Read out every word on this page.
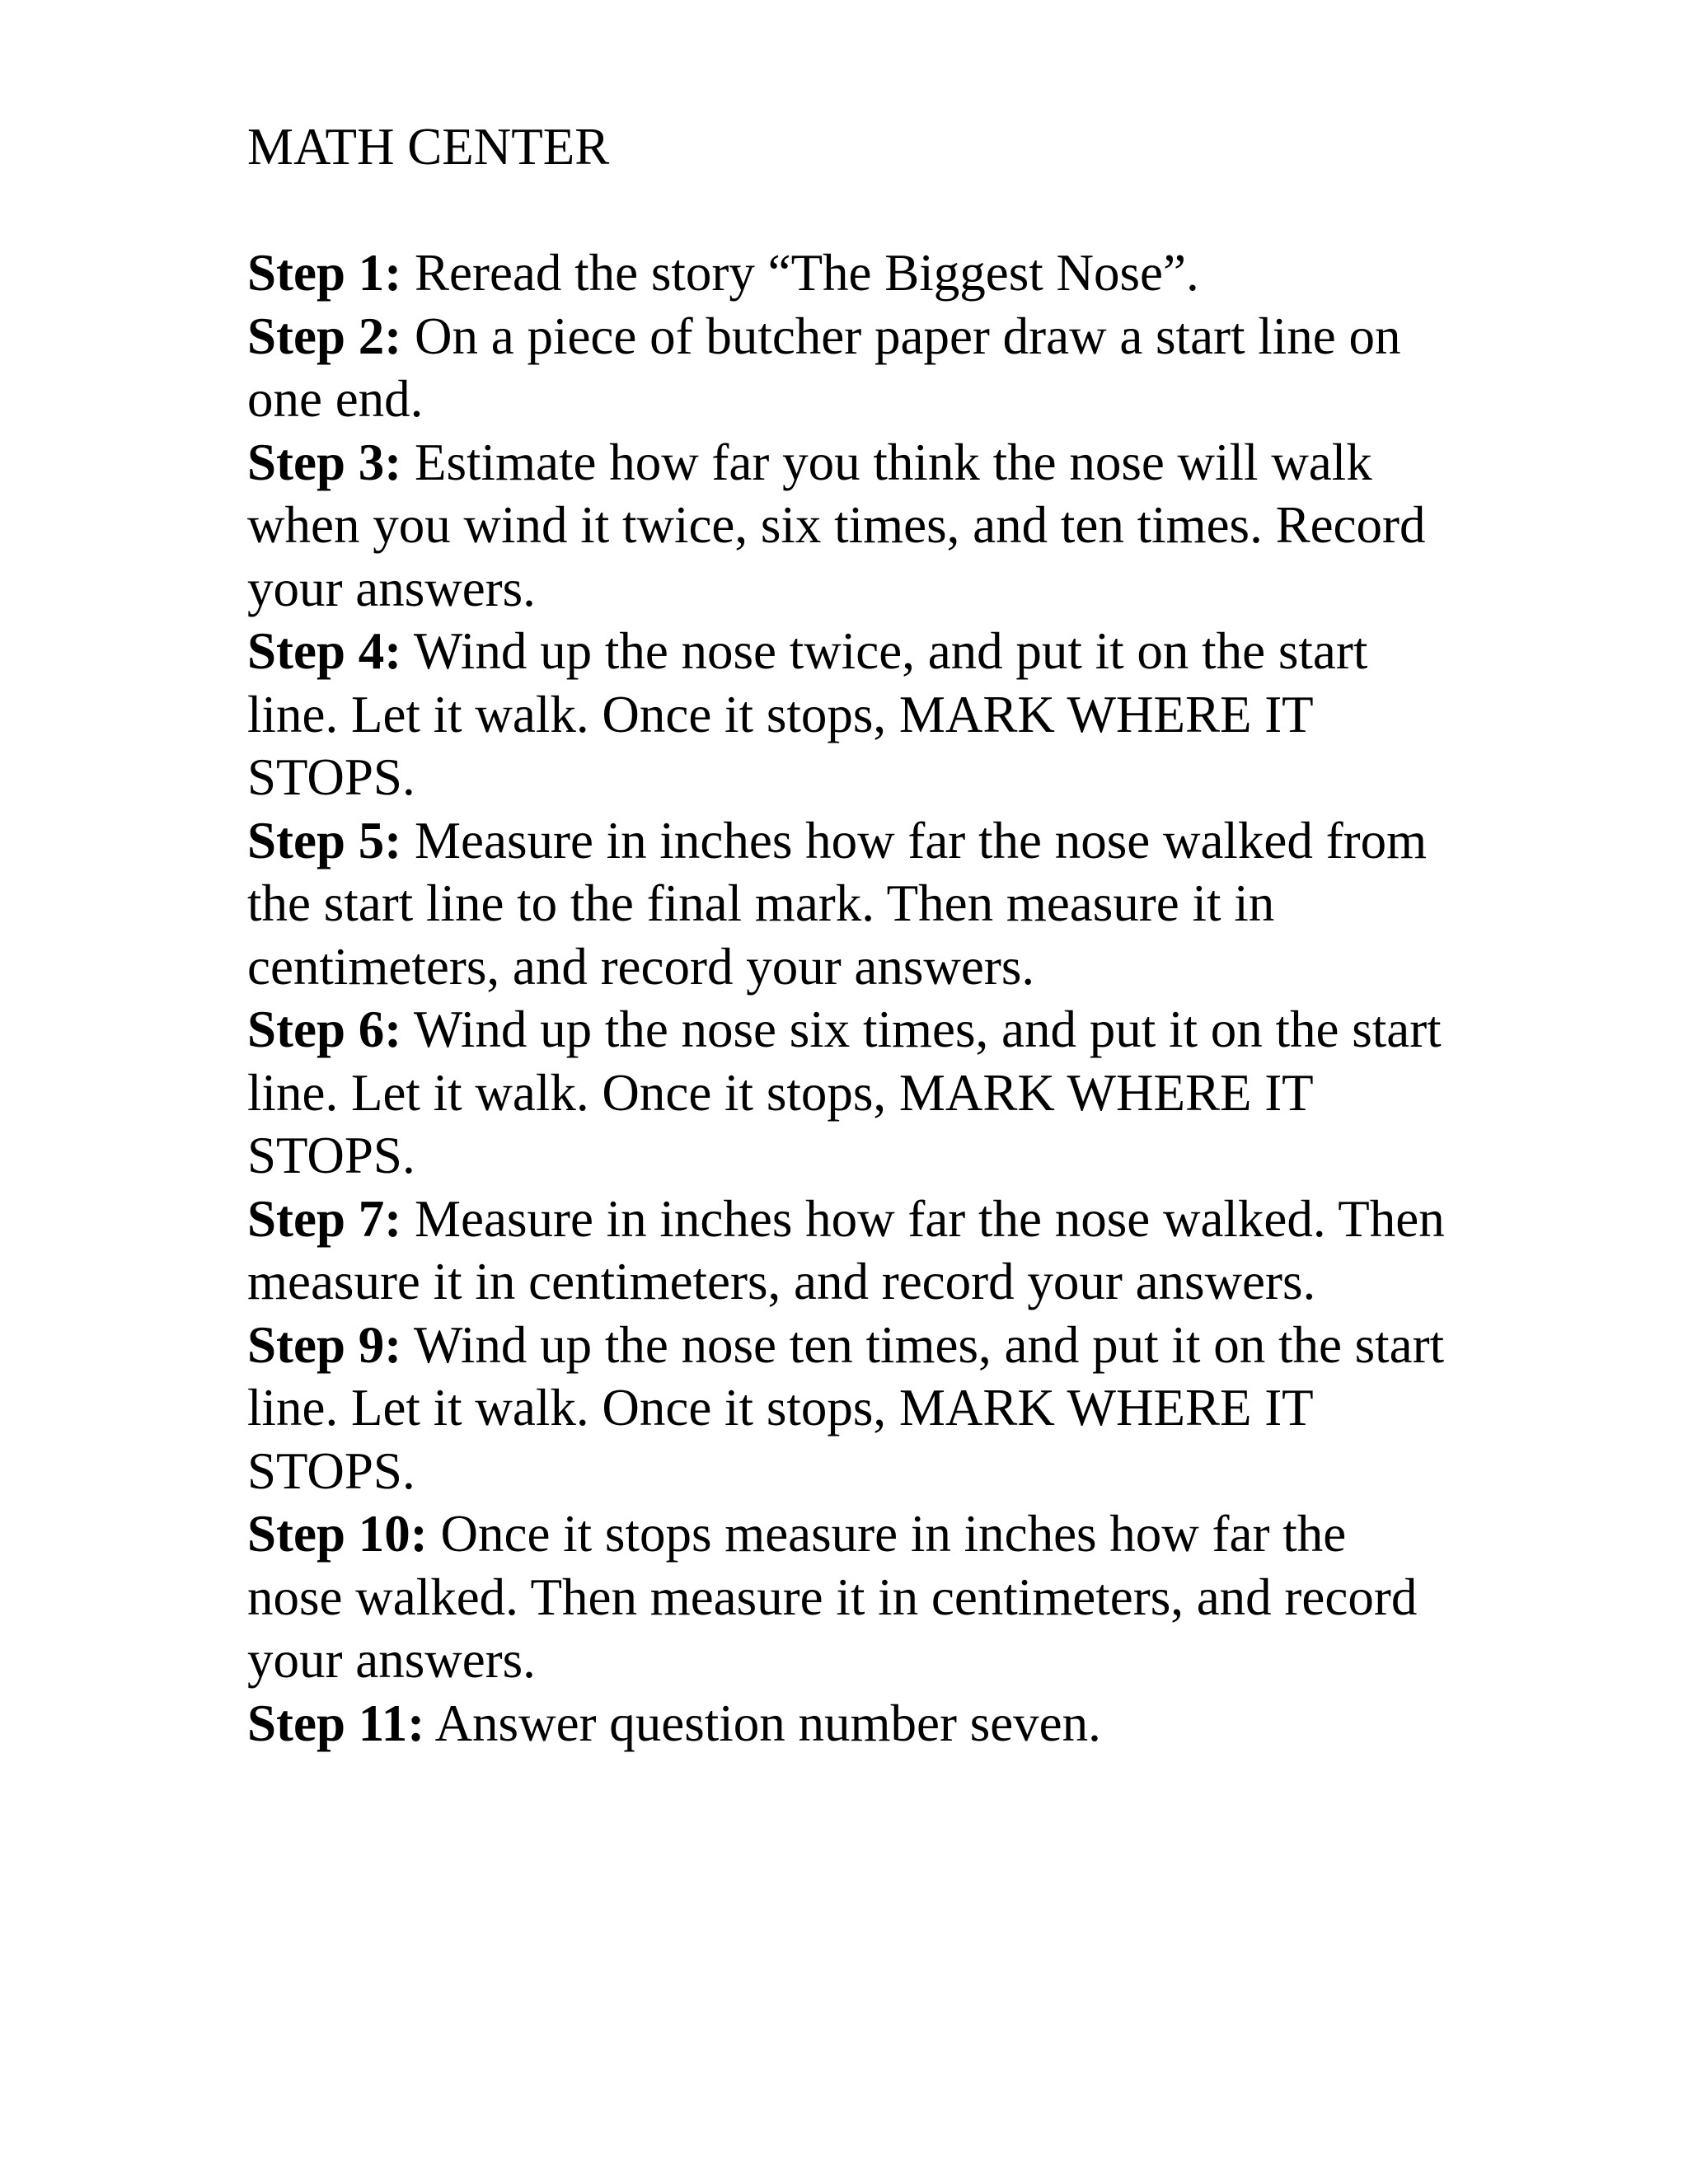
MATH CENTER

Step 1: Reread the story “The Biggest Nose”.

Step 2: On a piece of butcher paper draw a start line on one end.

Step 3: Estimate how far you think the nose will walk when you wind it twice, six times, and ten times. Record your answers.

Step 4: Wind up the nose twice, and put it on the start line. Let it walk. Once it stops, MARK WHERE IT STOPS.

Step 5: Measure in inches how far the nose walked from the start line to the final mark. Then measure it in centimeters, and record your answers.

Step 6: Wind up the nose six times, and put it on the start line. Let it walk. Once it stops, MARK WHERE IT STOPS.

Step 7: Measure in inches how far the nose walked. Then measure it in centimeters, and record your answers.

Step 9: Wind up the nose ten times, and put it on the start line. Let it walk. Once it stops, MARK WHERE IT STOPS.

Step 10: Once it stops measure in inches how far the nose walked. Then measure it in centimeters, and record your answers.

Step 11: Answer question number seven.
